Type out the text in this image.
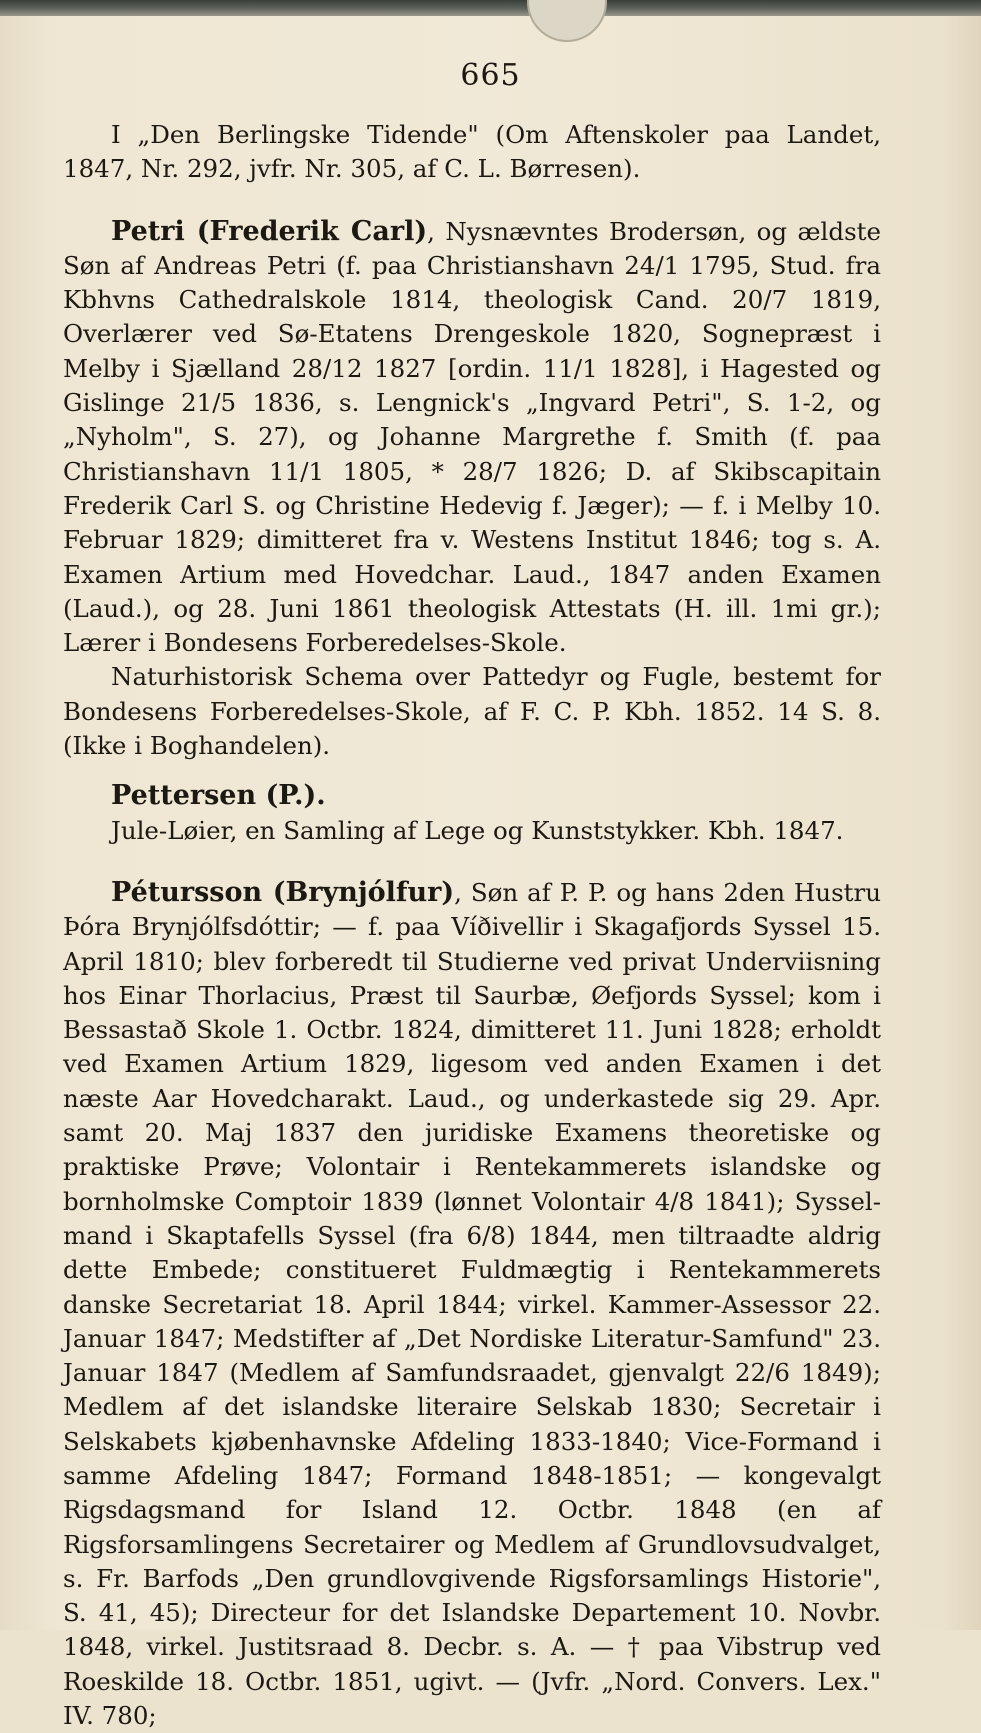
665

I „Den Berlingske Tidende" (Om Aftenskoler paa Landet, 1847, Nr. 292, jvfr. Nr. 305, af C. L. Børresen).

Petri (Frederik Carl), Nysnævntes Brodersøn, og ældste Søn af Andreas Petri (f. paa Christianshavn 24/1 1795, Stud. fra Kbhvns Cathedralskole 1814, theologisk Cand. 20/7 1819, Overlærer ved Sø-Etatens Drengeskole 1820, Sognepræst i Melby i Sjælland 28/12 1827 [ordin. 11/1 1828], i Hagested og Gislinge 21/5 1836, s. Lengnick's „Ingvard Petri", S. 1-2, og „Nyholm", S. 27), og Johanne Margrethe f. Smith (f. paa Christianshavn 11/1 1805, * 28/7 1826; D. af Skibscapitain Frederik Carl S. og Christine Hedevig f. Jæger); — f. i Melby 10. Februar 1829; dimitteret fra v. Westens Institut 1846; tog s. A. Examen Artium med Hovedchar. Laud., 1847 anden Examen (Laud.), og 28. Juni 1861 theologisk Attestats (H. ill. 1mi gr.); Lærer i Bondesens Forberedelses-Skole.

Naturhistorisk Schema over Pattedyr og Fugle, bestemt for Bondesens Forberedelses-Skole, af F. C. P. Kbh. 1852. 14 S. 8. (Ikke i Boghandelen).

Pettersen (P.).

Jule-Løier, en Samling af Lege og Kunststykker. Kbh. 1847.

Pétursson (Brynjólfur), Søn af P. P. og hans 2den Hustru Þóra Brynjólfsdóttir; — f. paa Víðivellir i Skagafjords Syssel 15. April 1810; blev forberedt til Studierne ved privat Underviisning hos Einar Thorlacius, Præst til Saurbæ, Øefjords Syssel; kom i Bessastað Skole 1. Octbr. 1824, dimitteret 11. Juni 1828; erholdt ved Examen Artium 1829, ligesom ved anden Examen i det næste Aar Hovedcharakt. Laud., og underkastede sig 29. Apr. samt 20. Maj 1837 den juridiske Examens theoretiske og praktiske Prøve; Volontair i Rentekammerets islandske og bornholmske Comptoir 1839 (lønnet Volontair 4/8 1841); Sysselmand i Skaptafells Syssel (fra 6/8) 1844, men tiltraadte aldrig dette Embede; constitueret Fuldmægtig i Rentekammerets danske Secretariat 18. April 1844; virkel. Kammer-Assessor 22. Januar 1847; Medstifter af „Det Nordiske Literatur-Samfund" 23. Januar 1847 (Medlem af Samfundsraadet, gjenvalgt 22/6 1849); Medlem af det islandske literaire Selskab 1830; Secretair i Selskabets kjøbenhavnske Afdeling 1833-1840; Vice-Formand i samme Afdeling 1847; Formand 1848-1851; — kongevalgt Rigsdagsmand for Island 12. Octbr. 1848 (en af Rigsforsamlingens Secretairer og Medlem af Grundlovsudvalget, s. Fr. Barfods „Den grundlovgivende Rigsforsamlings Historie", S. 41, 45); Directeur for det Islandske Departement 10. Novbr. 1848, virkel. Justitsraad 8. Decbr. s. A. — † paa Vibstrup ved Roeskilde 18. Octbr. 1851, ugivt. — (Jvfr. „Nord. Convers. Lex." IV. 780;
